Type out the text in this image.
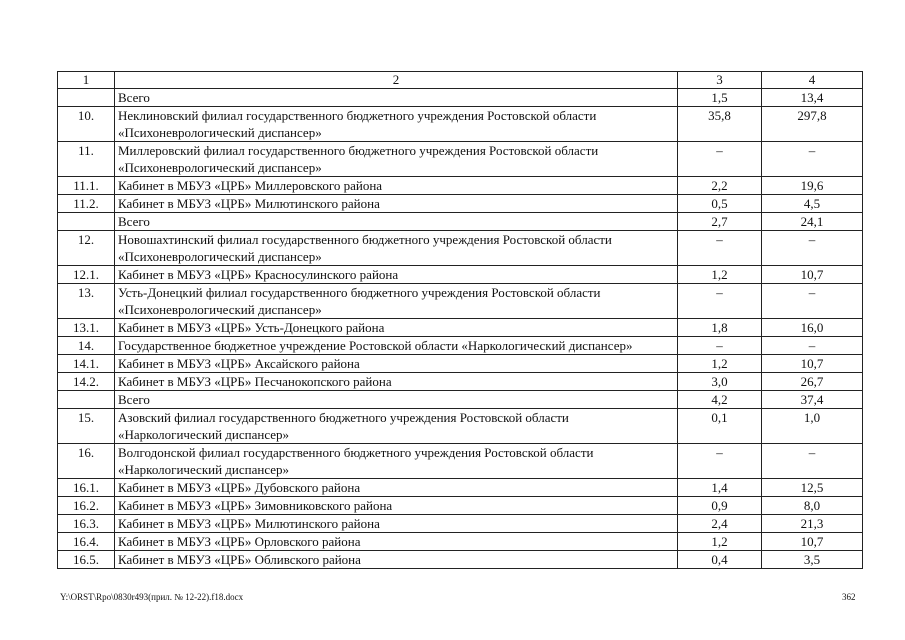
1	2	3	4
	Всего	1,5	13,4
10.	Неклиновский филиал государственного бюджетного учреждения Ростовской области «Психоневрологический диспансер»	35,8	297,8
11.	Миллеровский филиал государственного бюджетного учреждения Ростовской области «Психоневрологический диспансер»	–	–
11.1.	Кабинет в МБУЗ «ЦРБ» Миллеровского района	2,2	19,6
11.2.	Кабинет в МБУЗ «ЦРБ» Милютинского района	0,5	4,5
	Всего	2,7	24,1
12.	Новошахтинский филиал государственного бюджетного учреждения Ростовской области «Психоневрологический диспансер»	–	–
12.1.	Кабинет в МБУЗ «ЦРБ» Красносулинского района	1,2	10,7
13.	Усть-Донецкий филиал государственного бюджетного учреждения Ростовской области «Психоневрологический диспансер»	–	–
13.1.	Кабинет в МБУЗ «ЦРБ» Усть-Донецкого района	1,8	16,0
14.	Государственное бюджетное учреждение Ростовской области «Наркологический диспансер»	–	–
14.1.	Кабинет в МБУЗ «ЦРБ» Аксайского района	1,2	10,7
14.2.	Кабинет в МБУЗ «ЦРБ» Песчанокопского района	3,0	26,7
	Всего	4,2	37,4
15.	Азовский филиал государственного бюджетного учреждения Ростовской области «Наркологический диспансер»	0,1	1,0
16.	Волгодонской филиал государственного бюджетного учреждения Ростовской области «Наркологический диспансер»	–	–
16.1.	Кабинет в МБУЗ «ЦРБ» Дубовского района	1,4	12,5
16.2.	Кабинет в МБУЗ «ЦРБ» Зимовниковского района	0,9	8,0
16.3.	Кабинет в МБУЗ «ЦРБ» Милютинского района	2,4	21,3
16.4.	Кабинет в МБУЗ «ЦРБ» Орловского района	1,2	10,7
16.5.	Кабинет в МБУЗ «ЦРБ» Обливского района	0,4	3,5
Y:\ORST\Rpo\0830r493(прил. № 12-22).f18.docx	362
